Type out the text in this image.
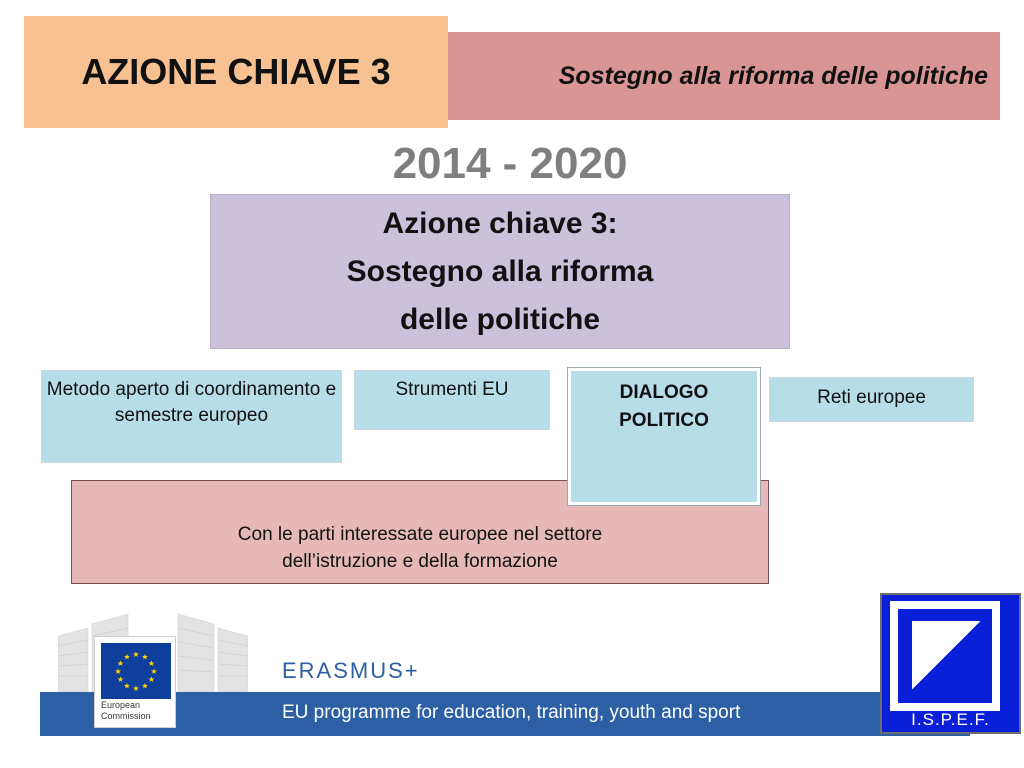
AZIONE CHIAVE 3	Sostegno alla riforma delle politiche
2014 - 2020
Azione chiave 3:
Sostegno alla riforma
delle politiche
Metodo aperto di coordinamento e semestre europeo
Strumenti EU	DIALOGO
POLITICO
Reti europee
Con le parti interessate europee nel settore
dell’istruzione e della formazione
ERASMUS+
EU programme for education, training, youth and sport
★ ★
★
★
★
★
★
★
★
★
★
★
European
Commission	I.S.P.E.F.
